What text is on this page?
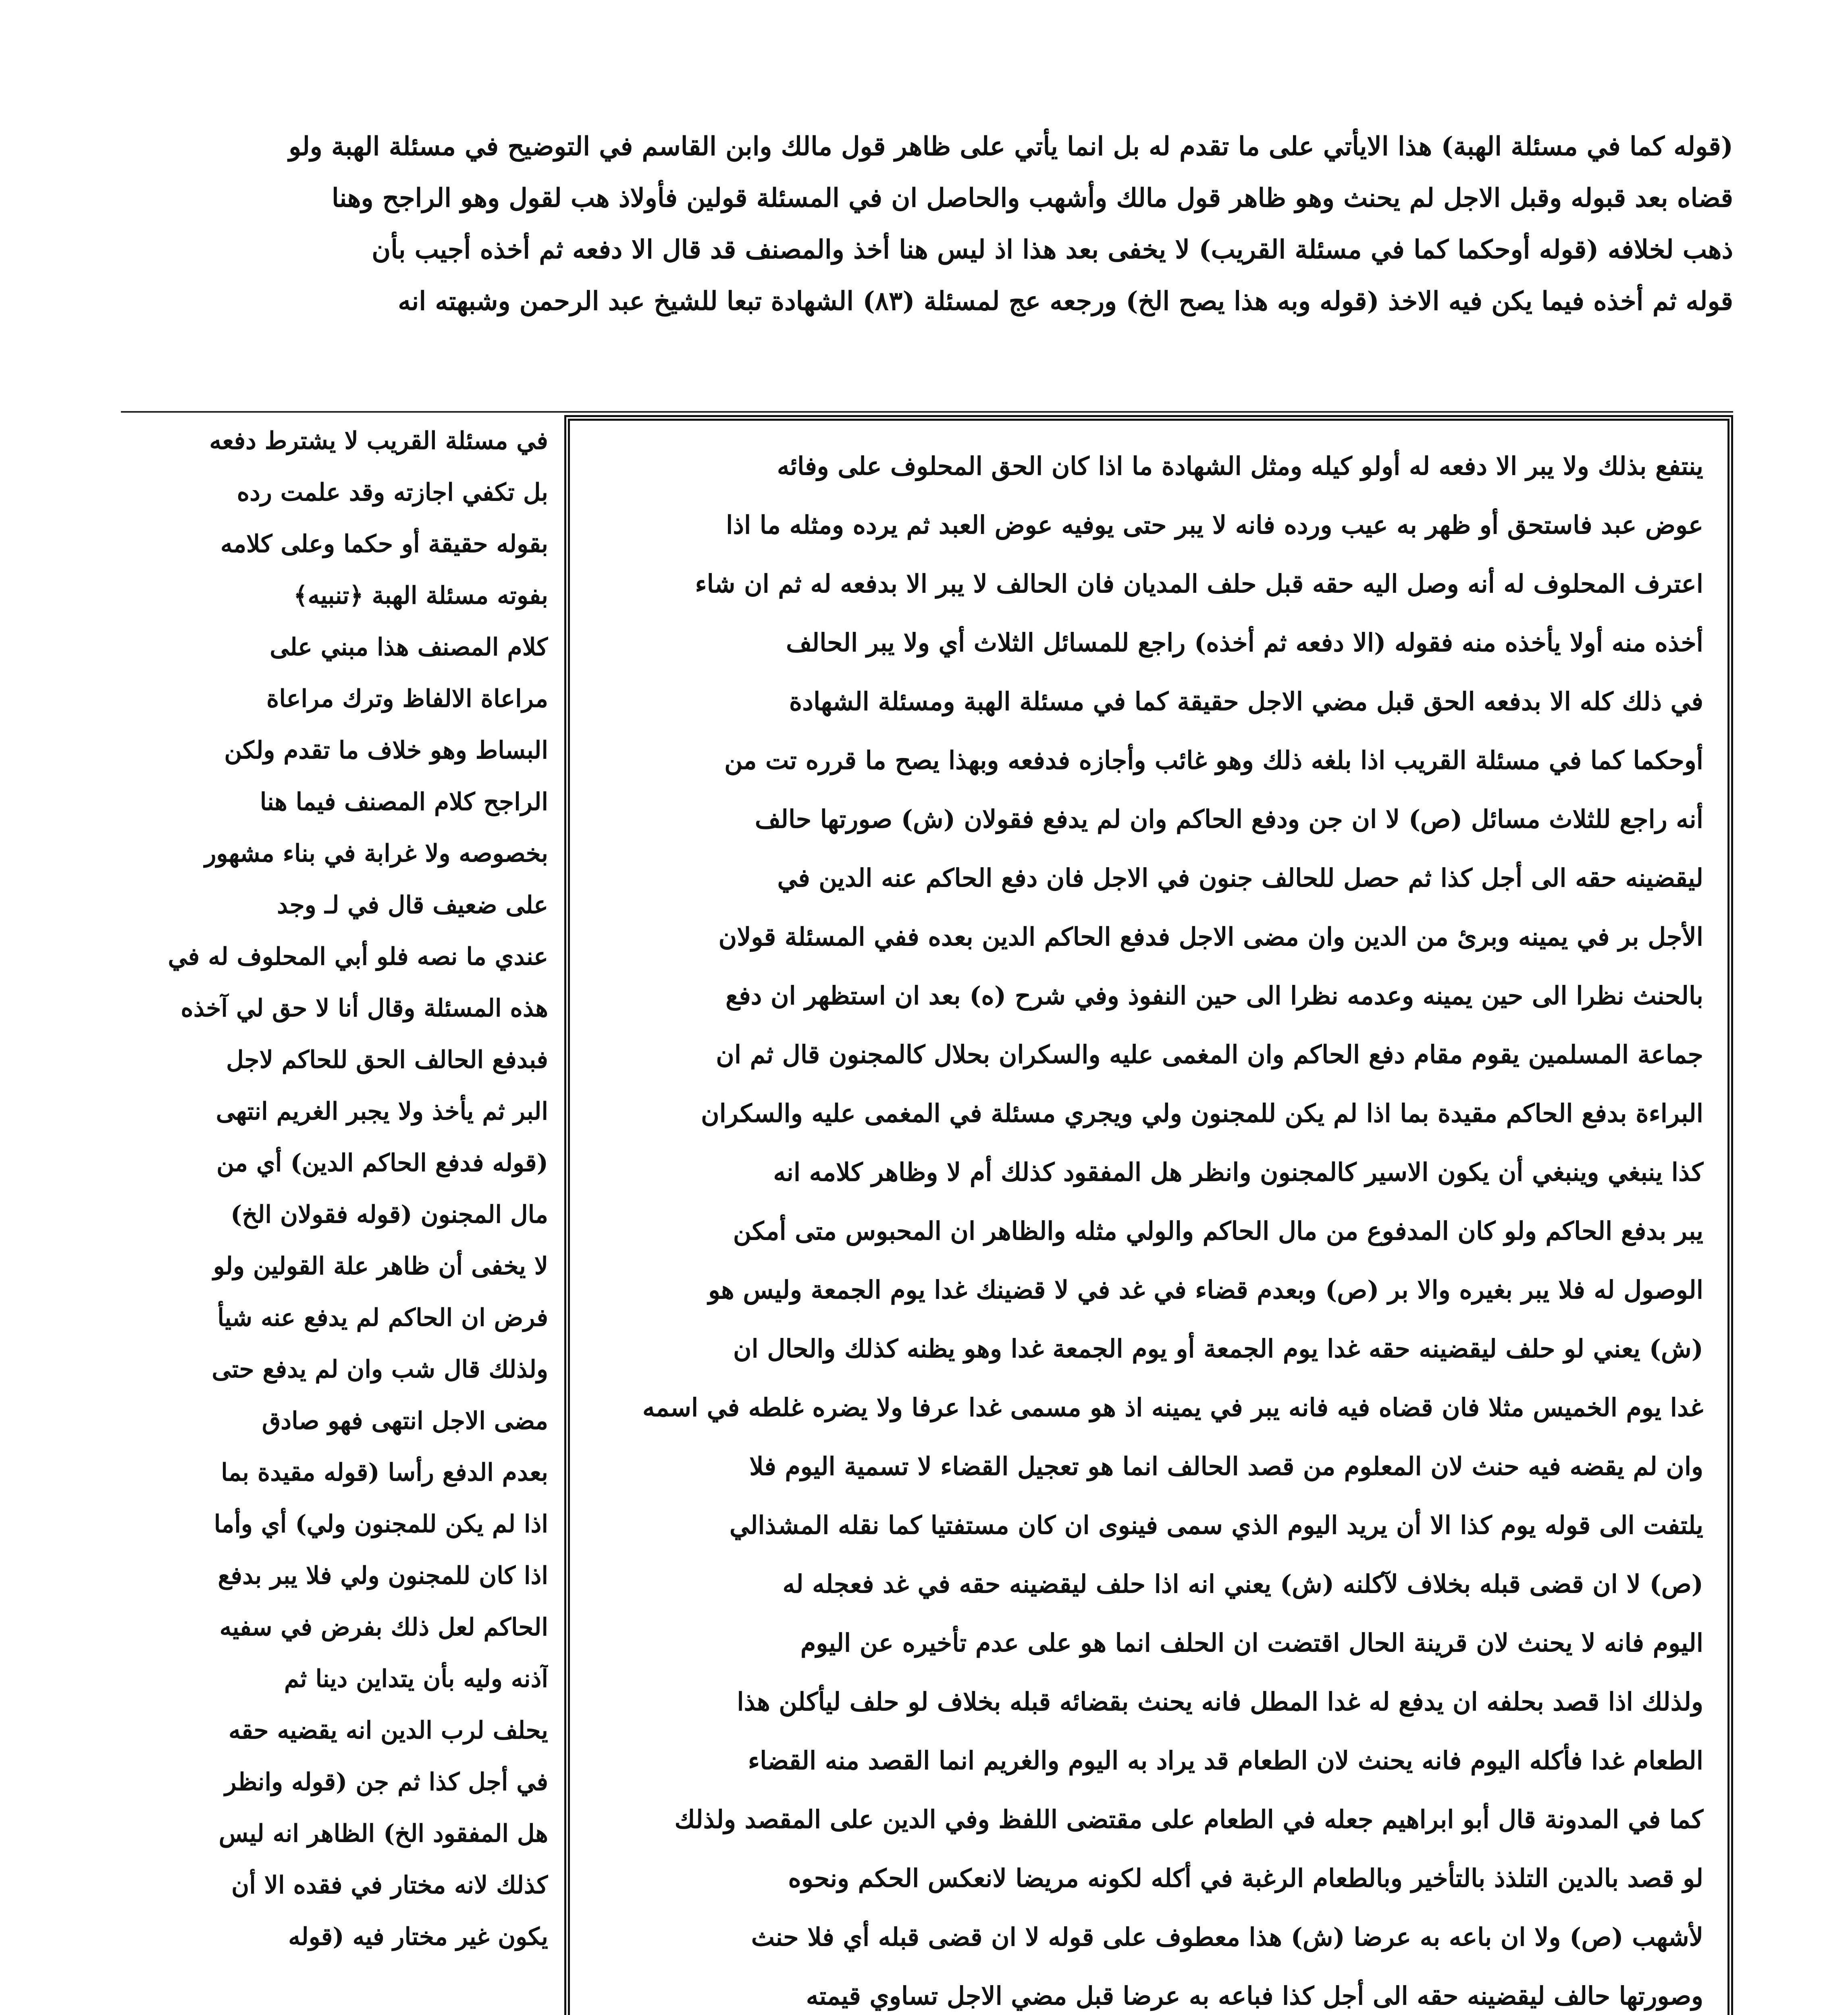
(قوله كما في مسئلة الهبة) هذا الايأتي على ما تقدم له بل انما يأتي على ظاهر قول مالك وابن القاسم في التوضيح في مسئلة الهبة ولو

قضاه بعد قبوله وقبل الاجل لم يحنث وهو ظاهر قول مالك وأشهب والحاصل ان في المسئلة قولين فأولاذ هب لقول وهو الراجح وهنا

ذهب لخلافه (قوله أوحكما كما في مسئلة القريب) لا يخفى بعد هذا اذ ليس هنا أخذ والمصنف قد قال الا دفعه ثم أخذه أجيب بأن

قوله ثم أخذه فيما يكن فيه الاخذ (قوله وبه هذا يصح الخ) ورجعه عج لمسئلة (٨٣) الشهادة تبعا للشيخ عبد الرحمن وشبهته انه

ينتفع بذلك ولا يبر الا دفعه له أولو كيله ومثل الشهادة ما اذا كان الحق المحلوف على وفائه

عوض عبد فاستحق أو ظهر به عيب ورده فانه لا يبر حتى يوفيه عوض العبد ثم يرده ومثله ما اذا

اعترف المحلوف له أنه وصل اليه حقه قبل حلف المديان فان الحالف لا يبر الا بدفعه له ثم ان شاء

أخذه منه أولا يأخذه منه فقوله (الا دفعه ثم أخذه) راجع للمسائل الثلاث أي ولا يبر الحالف

في ذلك كله الا بدفعه الحق قبل مضي الاجل حقيقة كما في مسئلة الهبة ومسئلة الشهادة

أوحكما كما في مسئلة القريب اذا بلغه ذلك وهو غائب وأجازه فدفعه وبهذا يصح ما قرره تت من

أنه راجع للثلاث مسائل (ص) لا ان جن ودفع الحاكم وان لم يدفع فقولان (ش) صورتها حالف

ليقضينه حقه الى أجل كذا ثم حصل للحالف جنون في الاجل فان دفع الحاكم عنه الدين في

الأجل بر في يمينه وبرئ من الدين وان مضى الاجل فدفع الحاكم الدين بعده ففي المسئلة قولان

بالحنث نظرا الى حين يمينه وعدمه نظرا الى حين النفوذ وفي شرح (ه) بعد ان استظهر ان دفع

جماعة المسلمين يقوم مقام دفع الحاكم وان المغمى عليه والسكران بحلال كالمجنون قال ثم ان

البراءة بدفع الحاكم مقيدة بما اذا لم يكن للمجنون ولي ويجري مسئلة في المغمى عليه والسكران

كذا ينبغي وينبغي أن يكون الاسير كالمجنون وانظر هل المفقود كذلك أم لا وظاهر كلامه انه

يبر بدفع الحاكم ولو كان المدفوع من مال الحاكم والولي مثله والظاهر ان المحبوس متى أمكن

الوصول له فلا يبر بغيره والا بر (ص) وبعدم قضاء في غد في لا قضينك غدا يوم الجمعة وليس هو

(ش) يعني لو حلف ليقضينه حقه غدا يوم الجمعة أو يوم الجمعة غدا وهو يظنه كذلك والحال ان

غدا يوم الخميس مثلا فان قضاه فيه فانه يبر في يمينه اذ هو مسمى غدا عرفا ولا يضره غلطه في اسمه

وان لم يقضه فيه حنث لان المعلوم من قصد الحالف انما هو تعجيل القضاء لا تسمية اليوم فلا

يلتفت الى قوله يوم كذا الا أن يريد اليوم الذي سمى فينوى ان كان مستفتيا كما نقله المشذالي

(ص) لا ان قضى قبله بخلاف لآكلنه (ش) يعني انه اذا حلف ليقضينه حقه في غد فعجله له

اليوم فانه لا يحنث لان قرينة الحال اقتضت ان الحلف انما هو على عدم تأخيره عن اليوم

ولذلك اذا قصد بحلفه ان يدفع له غدا المطل فانه يحنث بقضائه قبله بخلاف لو حلف ليأكلن هذا

الطعام غدا فأكله اليوم فانه يحنث لان الطعام قد يراد به اليوم والغريم انما القصد منه القضاء

كما في المدونة قال أبو ابراهيم جعله في الطعام على مقتضى اللفظ وفي الدين على المقصد ولذلك

لو قصد بالدين التلذذ بالتأخير وبالطعام الرغبة في أكله لكونه مريضا لانعكس الحكم ونحوه

لأشهب (ص) ولا ان باعه به عرضا (ش) هذا معطوف على قوله لا ان قضى قبله أي فلا حنث

وصورتها حالف ليقضينه حقه الى أجل كذا فباعه به عرضا قبل مضي الاجل تساوي قيمته

في مسئلة القريب لا يشترط دفعه

بل تكفي اجازته وقد علمت رده

بقوله حقيقة أو حكما وعلى كلامه

بفوته مسئلة الهبة ﴿تنبيه﴾

كلام المصنف هذا مبني على

مراعاة الالفاظ وترك مراعاة

البساط وهو خلاف ما تقدم ولكن

الراجح كلام المصنف فيما هنا

بخصوصه ولا غرابة في بناء مشهور

على ضعيف قال في لـ وجد

عندي ما نصه فلو أبي المحلوف له في

هذه المسئلة وقال أنا لا حق لي آخذه

فبدفع الحالف الحق للحاكم لاجل

البر ثم يأخذ ولا يجبر الغريم انتهى

(قوله فدفع الحاكم الدين) أي من

مال المجنون (قوله فقولان الخ)

لا يخفى أن ظاهر علة القولين ولو

فرض ان الحاكم لم يدفع عنه شيأ

ولذلك قال شب وان لم يدفع حتى

مضى الاجل انتهى فهو صادق

بعدم الدفع رأسا (قوله مقيدة بما

اذا لم يكن للمجنون ولي) أي وأما

اذا كان للمجنون ولي فلا يبر بدفع

الحاكم لعل ذلك بفرض في سفيه

آذنه وليه بأن يتداين دينا ثم

يحلف لرب الدين انه يقضيه حقه

في أجل كذا ثم جن (قوله وانظر

هل المفقود الخ) الظاهر انه ليس

كذلك لانه مختار في فقده الا أن

يكون غير مختار فيه (قوله
